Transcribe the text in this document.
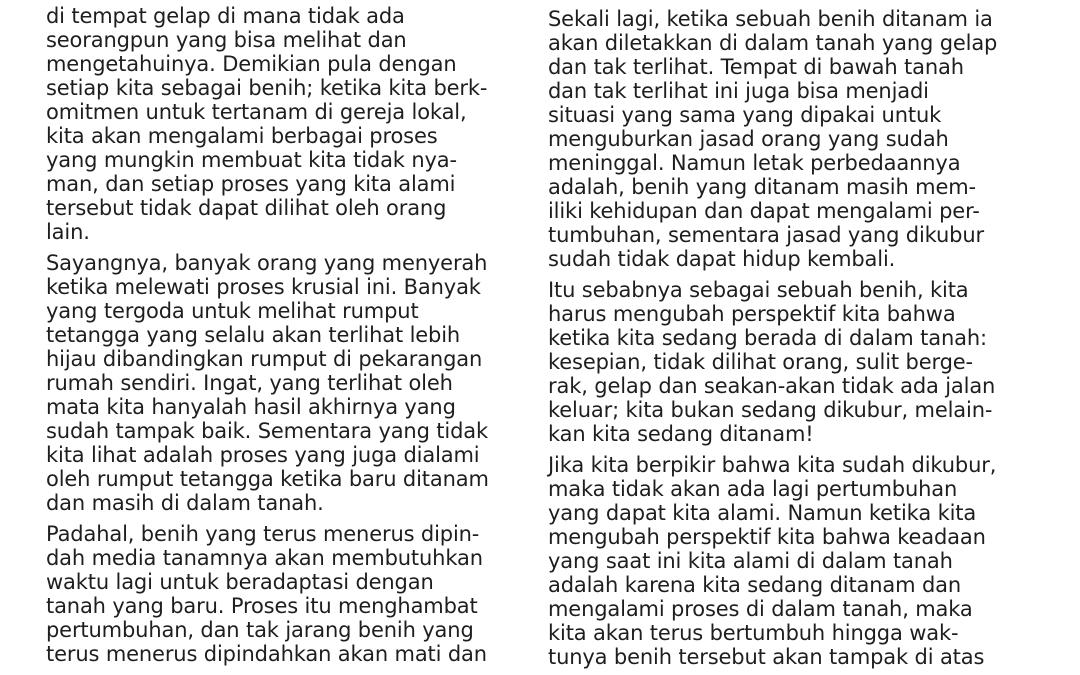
di tempat gelap di mana tidak ada
seorangpun yang bisa melihat dan
mengetahuinya. Demikian pula dengan
setiap kita sebagai benih; ketika kita berk-
omitmen untuk tertanam di gereja lokal,
kita akan mengalami berbagai proses
yang mungkin membuat kita tidak nya-
man, dan setiap proses yang kita alami
tersebut tidak dapat dilihat oleh orang
lain.
Sayangnya, banyak orang yang menyerah
ketika melewati proses krusial ini. Banyak
yang tergoda untuk melihat rumput
tetangga yang selalu akan terlihat lebih
hijau dibandingkan rumput di pekarangan
rumah sendiri. Ingat, yang terlihat oleh
mata kita hanyalah hasil akhirnya yang
sudah tampak baik. Sementara yang tidak
kita lihat adalah proses yang juga dialami
oleh rumput tetangga ketika baru ditanam
dan masih di dalam tanah.
Padahal, benih yang terus menerus dipin-
dah media tanamnya akan membutuhkan
waktu lagi untuk beradaptasi dengan
tanah yang baru. Proses itu menghambat
pertumbuhan, dan tak jarang benih yang
terus menerus dipindahkan akan mati dan
Sekali lagi, ketika sebuah benih ditanam ia
akan diletakkan di dalam tanah yang gelap
dan tak terlihat. Tempat di bawah tanah
dan tak terlihat ini juga bisa menjadi
situasi yang sama yang dipakai untuk
menguburkan jasad orang yang sudah
meninggal. Namun letak perbedaannya
adalah, benih yang ditanam masih mem-
iliki kehidupan dan dapat mengalami per-
tumbuhan, sementara jasad yang dikubur
sudah tidak dapat hidup kembali.
Itu sebabnya sebagai sebuah benih, kita
harus mengubah perspektif kita bahwa
ketika kita sedang berada di dalam tanah:
kesepian, tidak dilihat orang, sulit berge-
rak, gelap dan seakan-akan tidak ada jalan
keluar; kita bukan sedang dikubur, melain-
kan kita sedang ditanam!
Jika kita berpikir bahwa kita sudah dikubur,
maka tidak akan ada lagi pertumbuhan
yang dapat kita alami. Namun ketika kita
mengubah perspektif kita bahwa keadaan
yang saat ini kita alami di dalam tanah
adalah karena kita sedang ditanam dan
mengalami proses di dalam tanah, maka
kita akan terus bertumbuh hingga wak-
tunya benih tersebut akan tampak di atas
